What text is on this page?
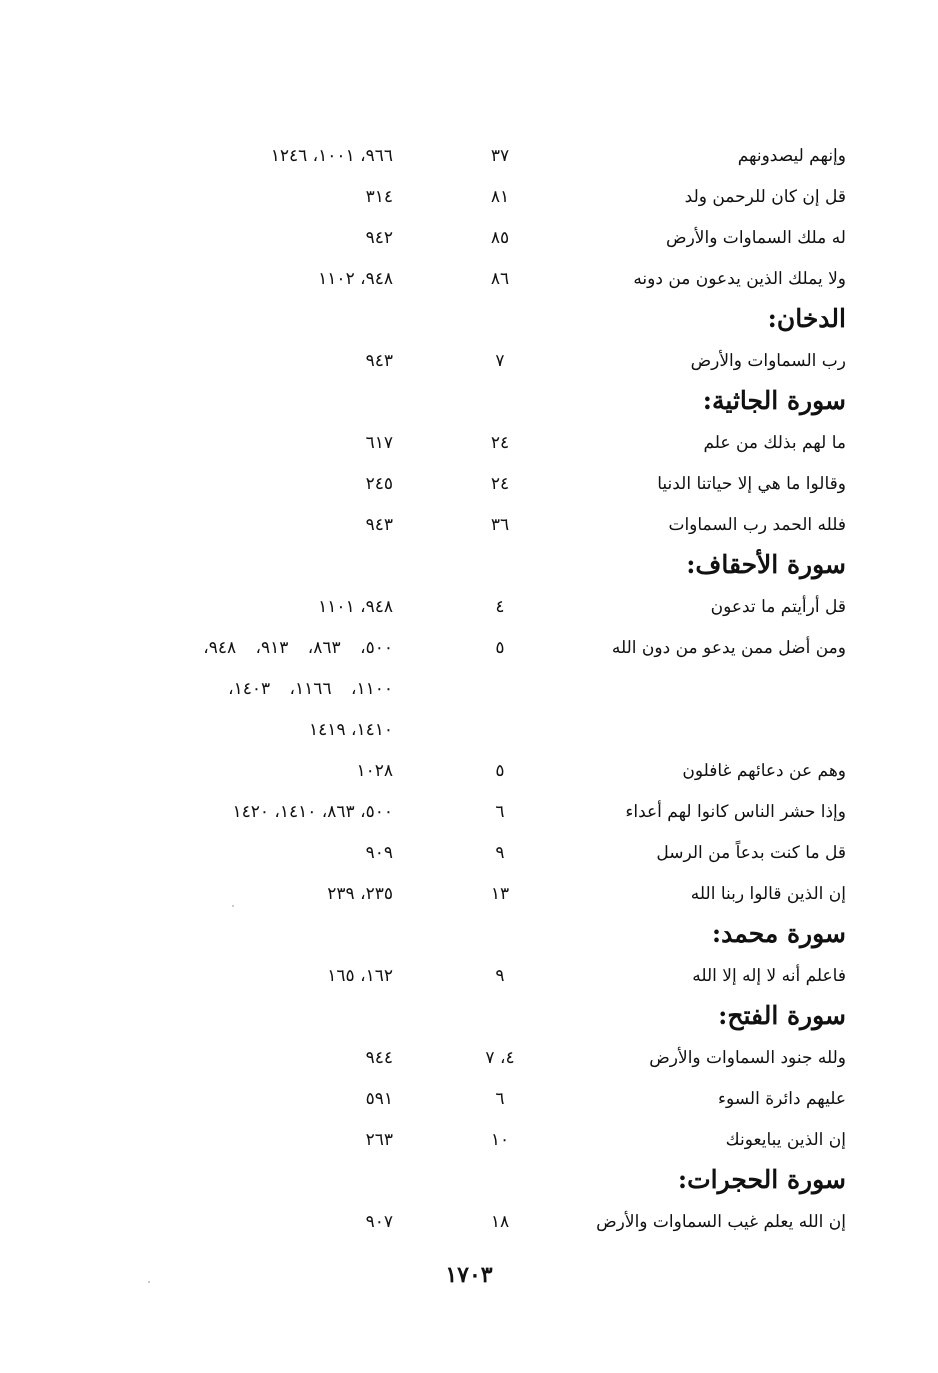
وإنهم ليصدونهم
٣٧
٩٦٦، ١٠٠١، ١٢٤٦
قل إن كان للرحمن ولد
٨١
٣١٤
له ملك السماوات والأرض
٨٥
٩٤٢
ولا يملك الذين يدعون من دونه
٨٦
٩٤٨، ١١٠٢
الدخان:
رب السماوات والأرض
٧
٩٤٣
سورة الجاثية:
ما لهم بذلك من علم
٢٤
٦١٧
وقالوا ما هي إلا حياتنا الدنيا
٢٤
٢٤٥
فلله الحمد رب السماوات
٣٦
٩٤٣
سورة الأحقاف:
قل أرأيتم ما تدعون
٤
٩٤٨، ١١٠١
ومن أضل ممن يدعو من دون الله
٥
٥٠٠، ٨٦٣، ٩١٣، ٩٤٨،
١١٠٠، ١١٦٦، ١٤٠٣،
١٤١٠، ١٤١٩
وهم عن دعائهم غافلون
٥
١٠٢٨
وإذا حشر الناس كانوا لهم أعداء
٦
٥٠٠، ٨٦٣، ١٤١٠، ١٤٢٠
قل ما كنت بدعاً من الرسل
٩
٩٠٩
إن الذين قالوا ربنا الله
١٣
٢٣٥، ٢٣٩
سورة محمد:
فاعلم أنه لا إله إلا الله
٩
١٦٢، ١٦٥
سورة الفتح:
ولله جنود السماوات والأرض
٤، ٧
٩٤٤
عليهم دائرة السوء
٦
٥٩١
إن الذين يبايعونك
١٠
٢٦٣
سورة الحجرات:
إن الله يعلم غيب السماوات والأرض
١٨
٩٠٧
١٧٠٣
